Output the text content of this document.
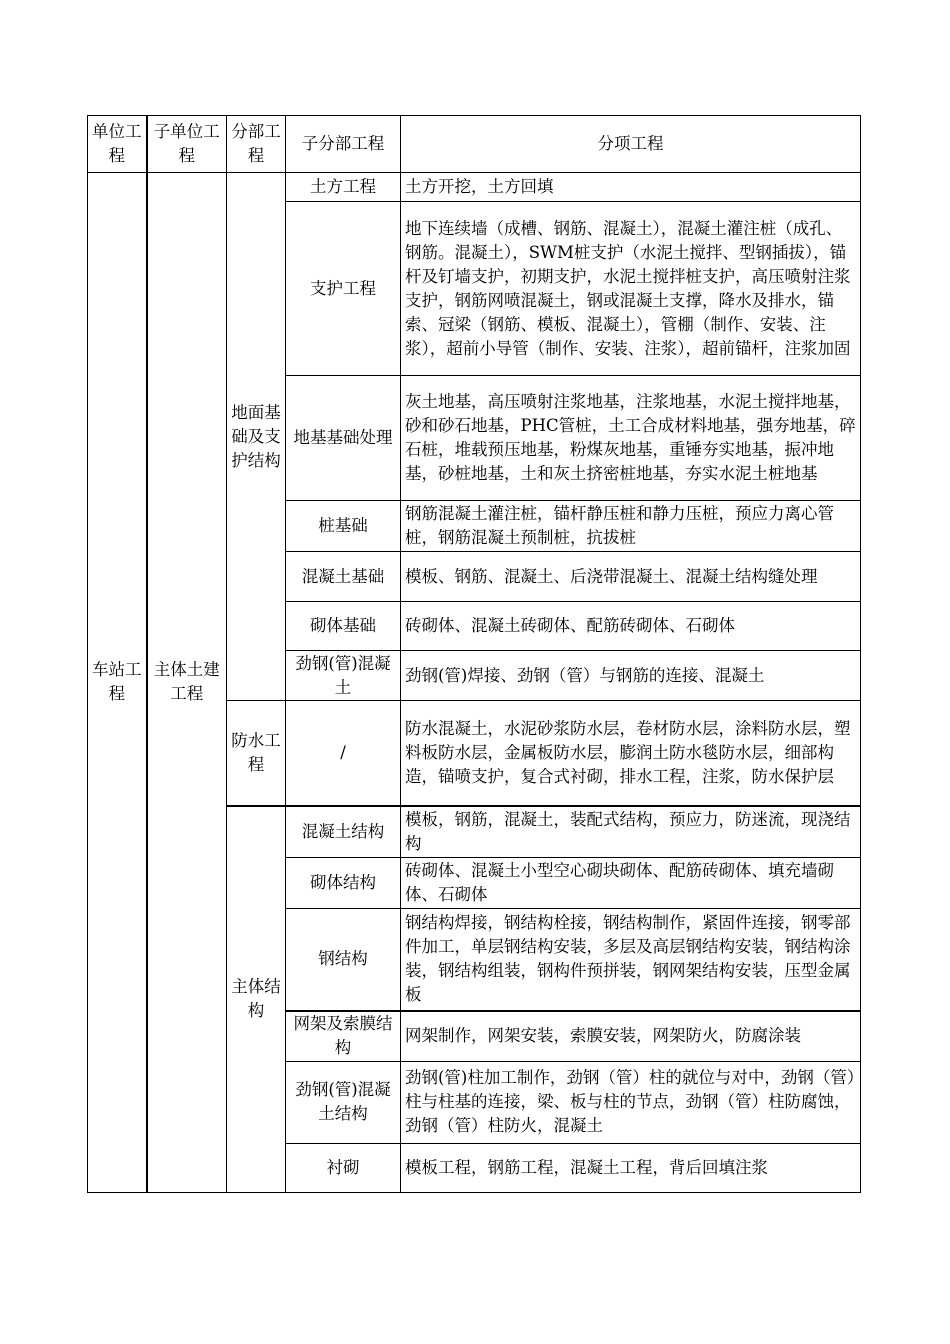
单位工程	子单位工程	分部工程	子分部工程	分项工程
车站工程	主体土建工程	地面基础及支护结构	土方工程	土方开挖，土方回填
			支护工程	地下连续墙（成槽、钢筋、混凝土），混凝土灌注桩（成孔、钢筋。混凝土），SWM桩支护（水泥土搅拌、型钢插拔），锚杆及钉墙支护，初期支护，水泥土搅拌桩支护，高压喷射注浆支护，钢筋网喷混凝土，钢或混凝土支撑，降水及排水，锚索、冠梁（钢筋、模板、混凝土），管棚（制作、安装、注浆），超前小导管（制作、安装、注浆），超前锚杆，注浆加固
			地基基础处理	灰土地基，高压喷射注浆地基，注浆地基，水泥土搅拌地基，砂和砂石地基，PHC管桩，土工合成材料地基，强夯地基，碎石桩，堆载预压地基，粉煤灰地基，重锤夯实地基，振冲地基，砂桩地基，土和灰土挤密桩地基，夯实水泥土桩地基
			桩基础	钢筋混凝土灌注桩，锚杆静压桩和静力压桩，预应力离心管桩，钢筋混凝土预制桩，抗拔桩
			混凝土基础	模板、钢筋、混凝土、后浇带混凝土、混凝土结构缝处理
			砌体基础	砖砌体、混凝土砖砌体、配筋砖砌体、石砌体
			劲钢(管)混凝土	劲钢(管)焊接、劲钢（管）与钢筋的连接、混凝土
		防水工程	/	防水混凝土，水泥砂浆防水层，卷材防水层，涂料防水层，塑料板防水层，金属板防水层，膨润土防水毯防水层，细部构造，锚喷支护，复合式衬砌，排水工程，注浆，防水保护层
		主体结构	混凝土结构	模板，钢筋，混凝土，装配式结构，预应力，防迷流，现浇结构
			砌体结构	砖砌体、混凝土小型空心砌块砌体、配筋砖砌体、填充墙砌体、石砌体
			钢结构	钢结构焊接，钢结构栓接，钢结构制作，紧固件连接，钢零部件加工，单层钢结构安装，多层及高层钢结构安装，钢结构涂装，钢结构组装，钢构件预拼装，钢网架结构安装，压型金属板
			网架及索膜结构	网架制作，网架安装，索膜安装，网架防火，防腐涂装
			劲钢(管)混凝土结构	劲钢(管)柱加工制作，劲钢（管）柱的就位与对中，劲钢（管）柱与柱基的连接，梁、板与柱的节点，劲钢（管）柱防腐蚀，劲钢（管）柱防火，混凝土
			衬砌	模板工程，钢筋工程，混凝土工程，背后回填注浆
